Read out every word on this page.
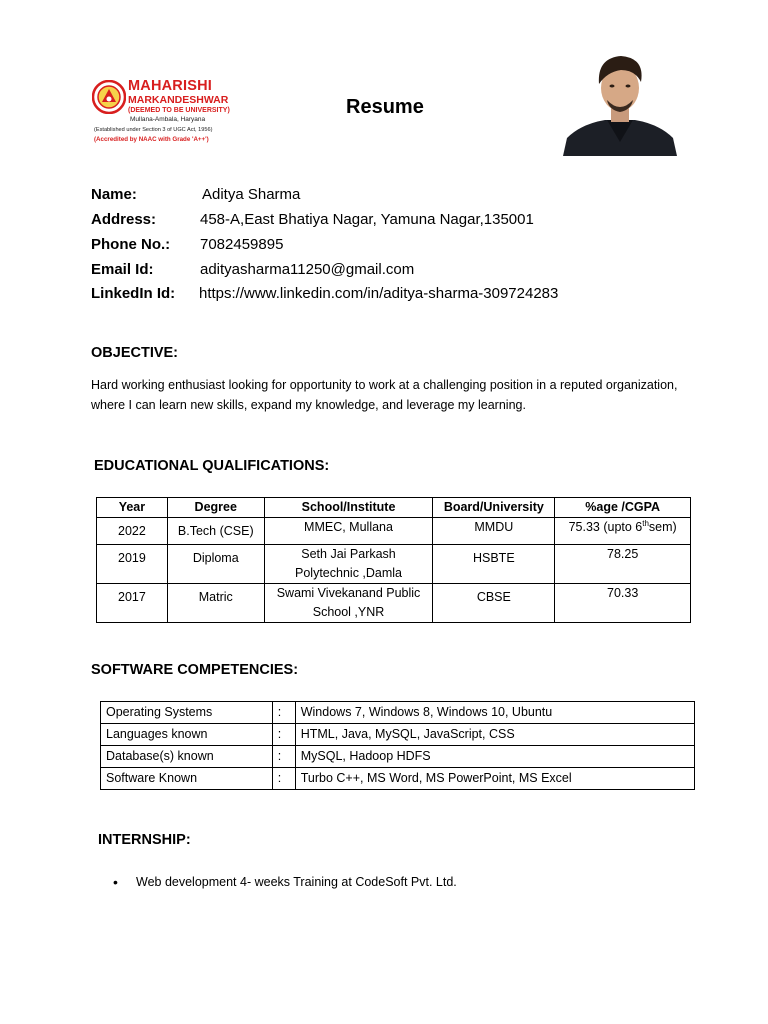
MAHARISHI
MARKANDESHWAR
(DEEMED TO BE UNIVERSITY)
Mullana-Ambala, Haryana
(Established under Section 3 of UGC Act, 1956)
(Accredited by NAAC with Grade 'A++')
Resume
Name:	Aditya Sharma
Address:	458-A,East Bhatiya Nagar, Yamuna Nagar,135001
Phone No.: 7082459895
Email Id:	adityasharma11250@gmail.com
LinkedIn Id: https://www.linkedin.com/in/aditya-sharma-309724283
OBJECTIVE:
Hard working enthusiast looking for opportunity to work at a challenging position in a reputed organization, where I can learn new skills, expand my knowledge, and leverage my learning.
EDUCATIONAL QUALIFICATIONS:
Year	Degree	School/Institute	Board/University	%age /CGPA
2022	B.Tech (CSE)	MMEC, Mullana	MMDU	75.33 (upto 6thsem)
2019	Diploma	Seth Jai Parkash
Polytechnic ,Damla	HSBTE	78.25
2017	Matric	Swami Vivekanand Public
School ,YNR	CBSE	70.33
SOFTWARE COMPETENCIES:
Operating Systems	:	Windows 7, Windows 8, Windows 10, Ubuntu
Languages known	:	HTML, Java, MySQL, JavaScript, CSS
Database(s) known	:	MySQL, Hadoop HDFS
Software Known	:	Turbo C++, MS Word, MS PowerPoint, MS Excel
INTERNSHIP:
• Web development 4- weeks Training at CodeSoft Pvt. Ltd.
